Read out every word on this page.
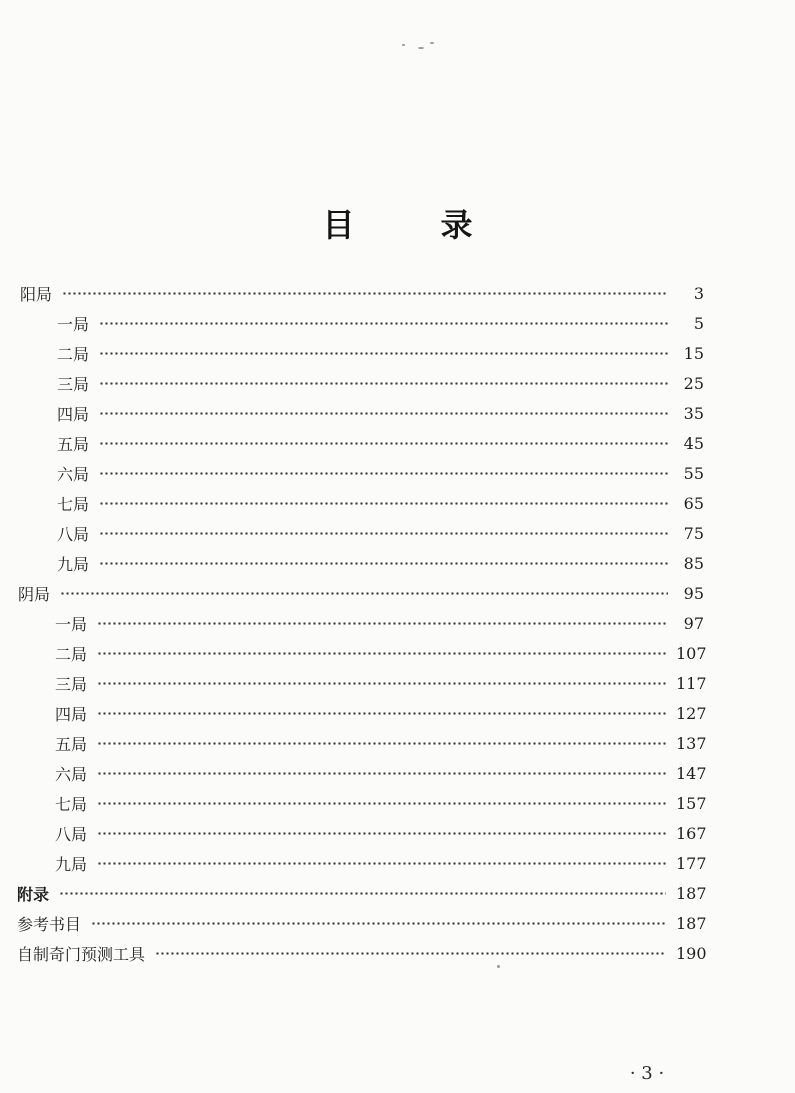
目	录
阳局	3
一局	5
二局	15
三局	25
四局	35
五局	45
六局	55
七局	65
八局	75
九局	85
阴局	95
一局	97
二局	107
三局	117
四局	127
五局	137
六局	147
七局	157
八局	167
九局	177
附录	187
参考书目	187
自制奇门预测工具	190
· 3 ·
